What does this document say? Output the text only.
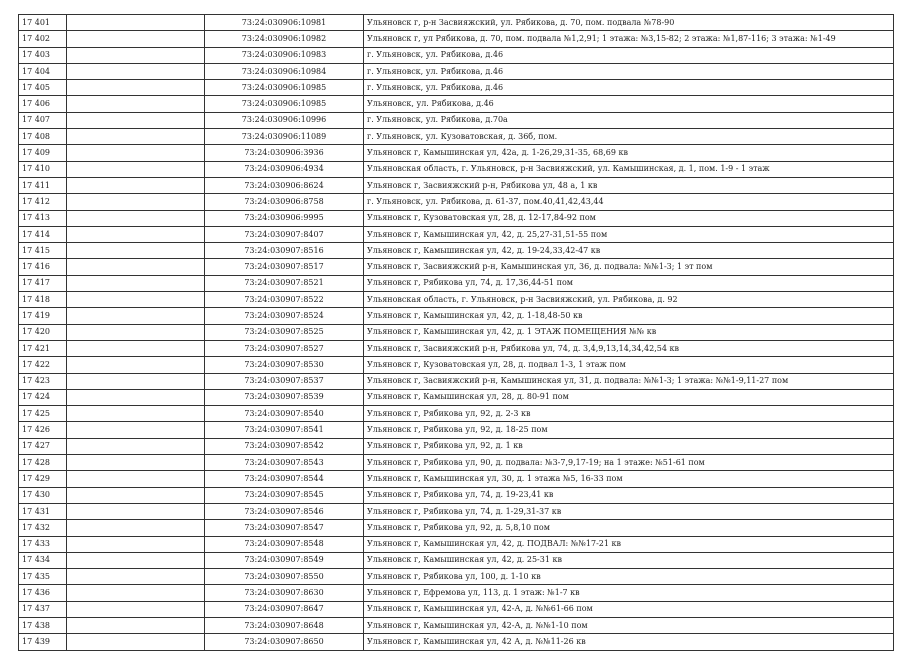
17 401		73:24:030906:10981	Ульяновск г, р-н Засвияжский, ул. Рябикова, д. 70, пом. подвала №78-90
17 402		73:24:030906:10982	Ульяновск г, ул Рябикова, д. 70, пом. подвала №1,2,91; 1 этажа: №3,15-82; 2 этажа: №1,87-116; 3 этажа: №1-49
17 403		73:24:030906:10983	г. Ульяновск, ул. Рябикова, д.46
17 404		73:24:030906:10984	г. Ульяновск, ул. Рябикова, д.46
17 405		73:24:030906:10985	г. Ульяновск, ул. Рябикова, д.46
17 406		73:24:030906:10985	Ульяновск, ул. Рябикова, д.46
17 407		73:24:030906:10996	г. Ульяновск, ул. Рябикова, д.70а
17 408		73:24:030906:11089	г. Ульяновск, ул. Кузоватовская, д. 36б, пом.
17 409		73:24:030906:3936	Ульяновск г, Камышинская ул, 42а, д. 1-26,29,31-35, 68,69 кв
17 410		73:24:030906:4934	Ульяновская область, г. Ульяновск, р-н Засвияжский, ул. Камышинская, д. 1, пом. 1-9 - 1 этаж
17 411		73:24:030906:8624	Ульяновск г, Засвияжский р-н, Рябикова ул, 48 а, 1 кв
17 412		73:24:030906:8758	г. Ульяновск, ул. Рябикова, д. 61-37, пом.40,41,42,43,44
17 413		73:24:030906:9995	Ульяновск г, Кузоватовская ул, 28, д. 12-17,84-92 пом
17 414		73:24:030907:8407	Ульяновск г, Камышинская ул, 42, д. 25,27-31,51-55 пом
17 415		73:24:030907:8516	Ульяновск г, Камышинская ул, 42, д. 19-24,33,42-47 кв
17 416		73:24:030907:8517	Ульяновск г, Засвияжский р-н, Камышинская ул, 36, д. подвала: №№1-3; 1 эт пом
17 417		73:24:030907:8521	Ульяновск г, Рябикова ул, 74, д. 17,36,44-51 пом
17 418		73:24:030907:8522	Ульяновская область, г. Ульяновск, р-н Засвияжский, ул. Рябикова, д. 92
17 419		73:24:030907:8524	Ульяновск г, Камышинская ул, 42, д. 1-18,48-50 кв
17 420		73:24:030907:8525	Ульяновск г, Камышинская ул, 42, д. 1 ЭТАЖ ПОМЕЩЕНИЯ №№ кв
17 421		73:24:030907:8527	Ульяновск г, Засвияжский р-н, Рябикова ул, 74, д. 3,4,9,13,14,34,42,54 кв
17 422		73:24:030907:8530	Ульяновск г, Кузоватовская ул, 28, д. подвал 1-3, 1 этаж пом
17 423		73:24:030907:8537	Ульяновск г, Засвияжский р-н, Камышинская ул, 31, д. подвала: №№1-3; 1 этажа: №№1-9,11-27 пом
17 424		73:24:030907:8539	Ульяновск г, Камышинская ул, 28, д. 80-91 пом
17 425		73:24:030907:8540	Ульяновск г, Рябикова ул, 92, д. 2-3 кв
17 426		73:24:030907:8541	Ульяновск г, Рябикова ул, 92, д. 18-25 пом
17 427		73:24:030907:8542	Ульяновск г, Рябикова ул, 92, д. 1 кв
17 428		73:24:030907:8543	Ульяновск г, Рябикова ул, 90, д. подвала: №3-7,9,17-19; на 1 этаже: №51-61 пом
17 429		73:24:030907:8544	Ульяновск г, Камышинская ул, 30, д. 1 этажа №5, 16-33 пом
17 430		73:24:030907:8545	Ульяновск г, Рябикова ул, 74, д. 19-23,41 кв
17 431		73:24:030907:8546	Ульяновск г, Рябикова ул, 74, д. 1-29,31-37 кв
17 432		73:24:030907:8547	Ульяновск г, Рябикова ул, 92, д. 5,8,10 пом
17 433		73:24:030907:8548	Ульяновск г, Камышинская ул, 42, д. ПОДВАЛ: №№17-21 кв
17 434		73:24:030907:8549	Ульяновск г, Камышинская ул, 42, д. 25-31 кв
17 435		73:24:030907:8550	Ульяновск г, Рябикова ул, 100, д. 1-10 кв
17 436		73:24:030907:8630	Ульяновск г, Ефремова ул, 113, д. 1 этаж: №1-7 кв
17 437		73:24:030907:8647	Ульяновск г, Камышинская ул, 42-А, д. №№61-66 пом
17 438		73:24:030907:8648	Ульяновск г, Камышинская ул, 42-А, д. №№1-10 пом
17 439		73:24:030907:8650	Ульяновск г, Камышинская ул, 42 А, д. №№11-26 кв
